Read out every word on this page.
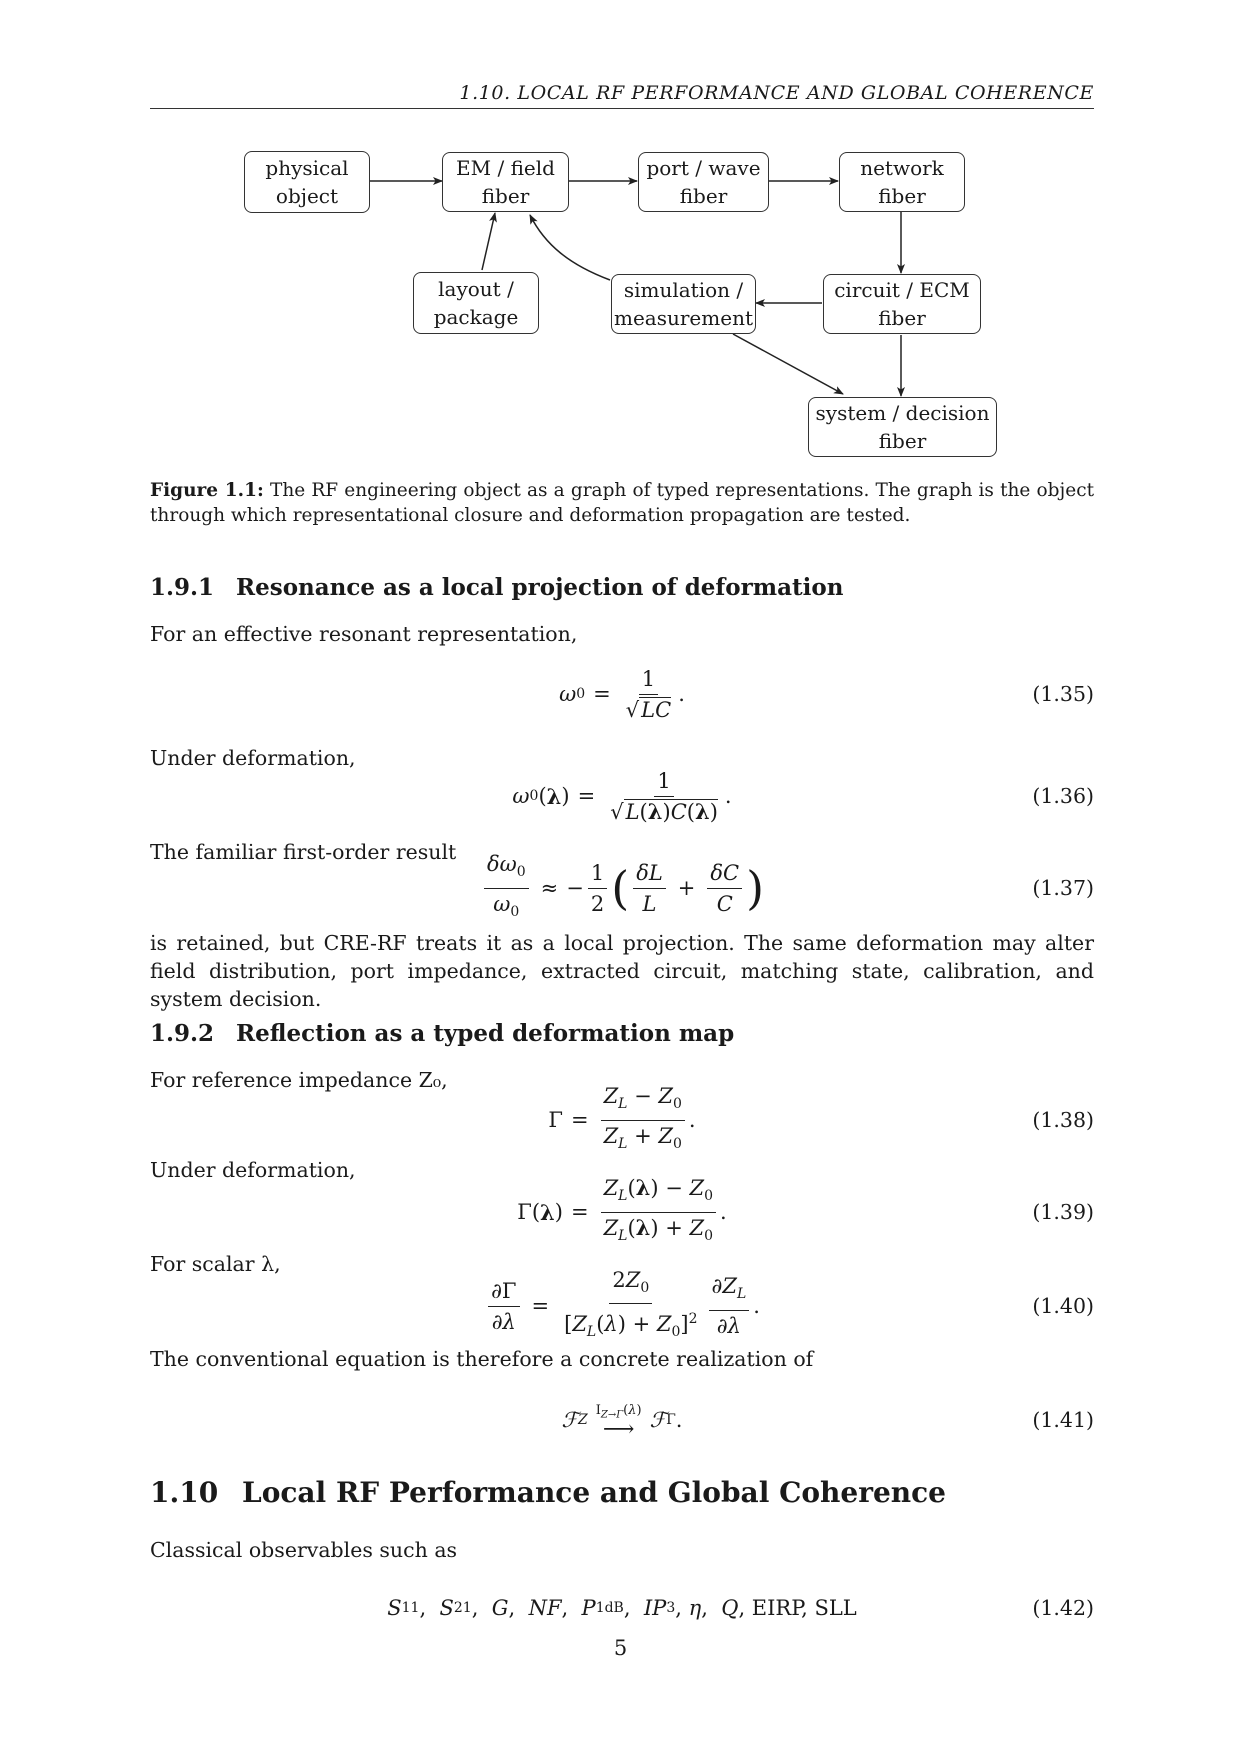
1.10. LOCAL RF PERFORMANCE AND GLOBAL COHERENCE
physical
object
EM / field
fiber
port / wave
fiber
network
fiber
layout /
package
simulation /
measurement
circuit / ECM
fiber
system / decision
fiber
Figure 1.1: The RF engineering object as a graph of typed representations. The graph is the object through which representational closure and deformation propagation are tested.
1.9.1 Resonance as a local projection of deformation
For an effective resonant representation,
ω $0 = \frac{1}{√LC}$ .	(1.35)
Under deformation,
ω 0 ( λ ) = $\frac{1}{√L(\lambda)C(\lambda)}$ .	(1.36)
The familiar first-order result	$\frac{\delta\omega_0}{\omega_0}$ ≈ − $\frac{1}{2}$ ( $\frac{\delta L}{L} + \frac{\delta C}{C}$ )	(1.37)
is retained, but CRE-RF treats it as a local projection. The same deformation may alter field distribution, port impedance, extracted circuit, matching state, calibration, and system decision.
1.9.2 Reflection as a typed deformation map
For reference impedance Z₀,
$\Gamma = \frac{Z_L - Z_0}{Z_L + Z_0}$ .	(1.38)
Under deformation,
Γ( λ ) = $\frac{Z_L(\lambda) - Z_0}{Z_L(\lambda) + Z_0}$ .	(1.39)
For scalar λ,
$\frac{\partial\Gamma}{\partial\lambda} = \frac{2Z_0}{[Z_L(\lambda) + Z_0]^2} \frac{\partial Z_L}{\partial\lambda}$ .	(1.40)
The conventional equation is therefore a concrete realization of
ℱ Z
$I_{Z\to\Gamma}(\lambda)$
⟶ ℱ Γ .	(1.41)
1.10 Local RF Performance and Global Coherence
Classical observables such as
S 11 , S 21 , G , NF , P 1dB , IP 3 , η , Q , EIRP, SLL	(1.42)
5
